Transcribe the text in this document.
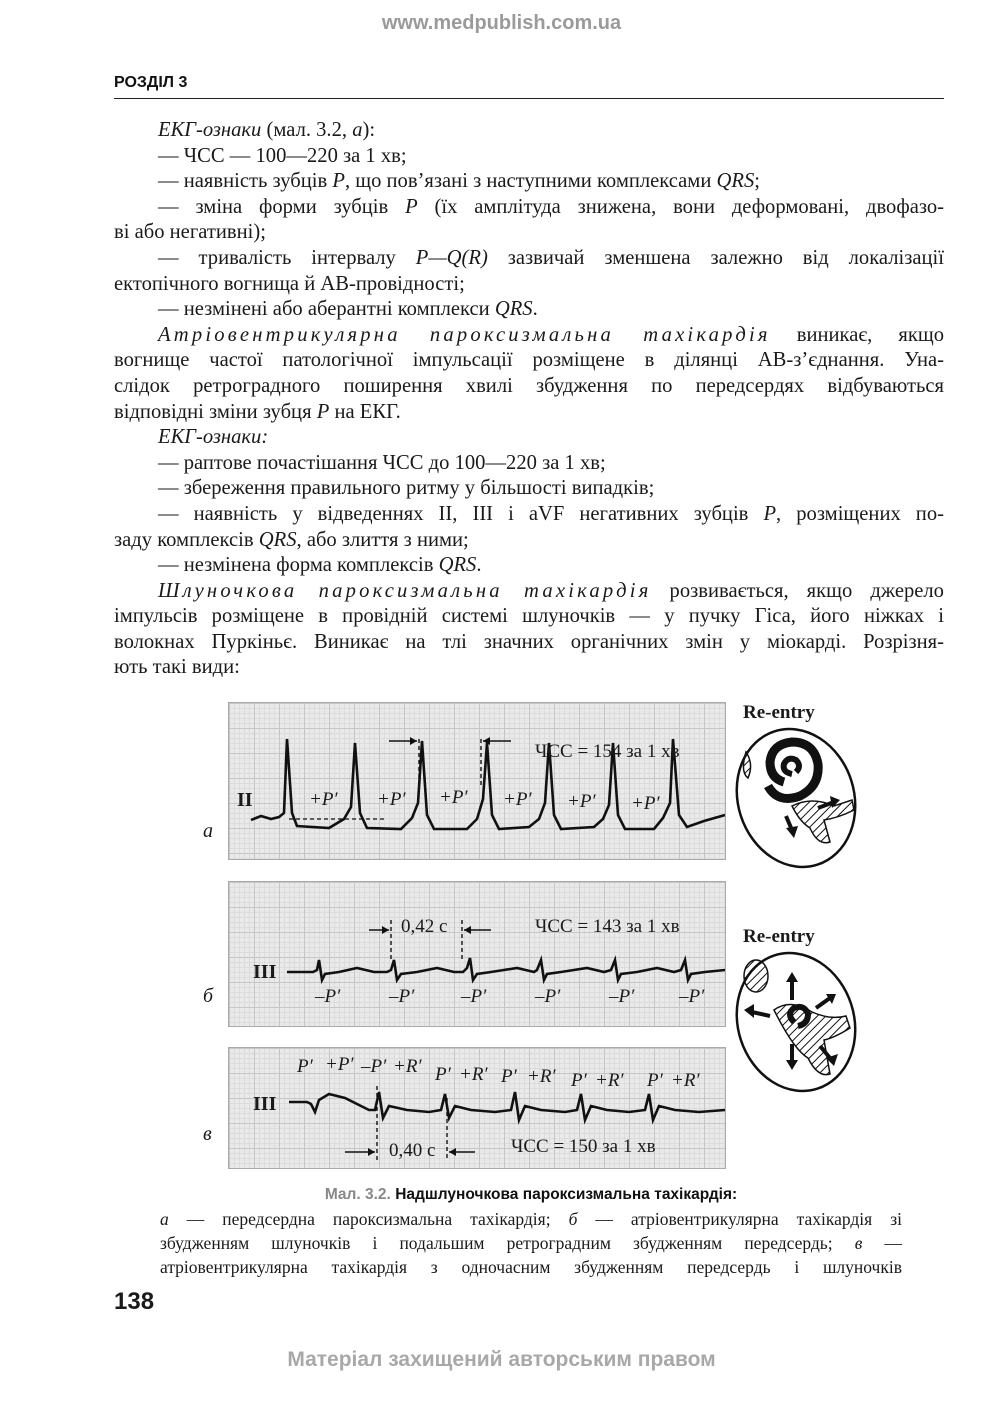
www.medpublish.com.ua
РОЗДІЛ 3

ЕКГ-ознаки (мал. 3.2, а):

— ЧСС — 100—220 за 1 хв;

— наявність зубців P, що пов’язані з наступними комплексами QRS;

— зміна форми зубців P (їх амплітуда знижена, вони деформовані, двофазо-

ві або негативні);

— тривалість інтервалу P—Q(R) зазвичай зменшена залежно від локалізації

ектопічного вогнища й АВ-провідності;

— незмінені або аберантні комплекси QRS.

Атріовентрикулярна пароксизмальна тахікардія виникає, якщо

вогнище частої патологічної імпульсації розміщене в ділянці АВ-з’єднання. Уна-

слідок ретроградного поширення хвилі збудження по передсердях відбуваються

відповідні зміни зубця P на ЕКГ.

ЕКГ-ознаки:

— раптове почастішання ЧСС до 100—220 за 1 хв;

— збереження правильного ритму у більшості випадків;

— наявність у відведеннях II, III і aVF негативних зубців P, розміщених по-

заду комплексів QRS, або злиття з ними;

— незмінена форма комплексів QRS.

Шлуночкова пароксизмальна тахікардія розвивається, якщо джерело

імпульсів розміщене в провідній системі шлуночків — у пучку Гіса, його ніжках і

волокнах Пуркіньє. Виникає на тлі значних органічних змін у міокарді. Розрізня-

ють такі види:

II
ЧСС = 154 за 1 хв
+P′ +P′ +P′ +P′ +P′ +P′
а
III
0,42 с	ЧСС = 143 за 1 хв
–P′	–P′ –P′	–P′	–P′ –P′
б
III
0,40 с	ЧСС = 150 за 1 хв
P′ +P′ –P′ +R′ P′ +R′ P′ +R′ P′ +R′ P′ +R′
в
Re-entry
Re-entry
Мал. 3.2. Надшлуночкова пароксизмальна тахікардія:
а — передсердна пароксизмальна тахікардія; б — атріовентрикулярна тахікардія зі
збудженням шлуночків і подальшим ретроградним збудженням передсердь; в —
атріовентрикулярна тахікардія з одночасним збудженням передсердь і шлуночків
138
Матеріал захищений авторським правом
